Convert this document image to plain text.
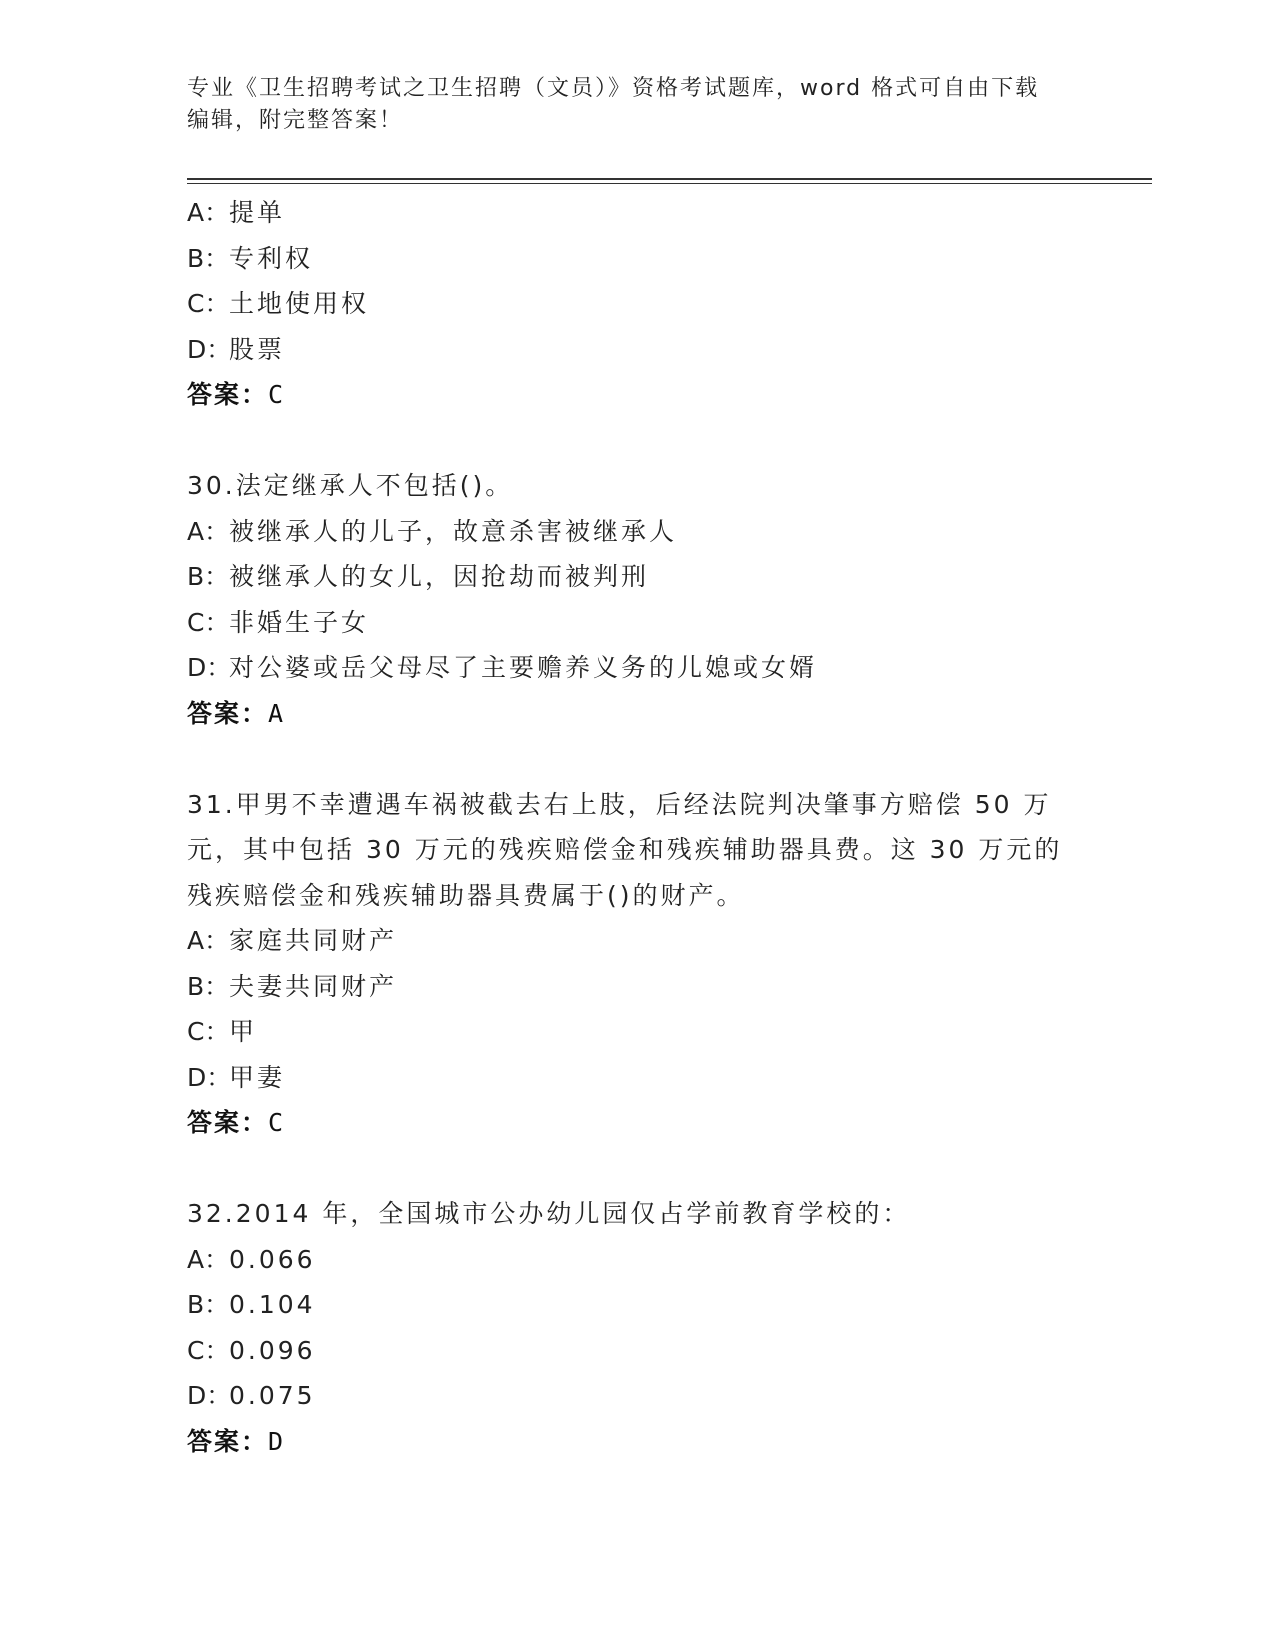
专业《卫生招聘考试之卫生招聘（文员）》资格考试题库，word 格式可自由下载
编辑，附完整答案！
A：提单
B：专利权
C：土地使用权
D：股票
答案：C
30.法定继承人不包括()。
A：被继承人的儿子，故意杀害被继承人
B：被继承人的女儿，因抢劫而被判刑
C：非婚生子女
D：对公婆或岳父母尽了主要赡养义务的儿媳或女婿
答案：A
31.甲男不幸遭遇车祸被截去右上肢，后经法院判决肇事方赔偿 50 万
元，其中包括 30 万元的残疾赔偿金和残疾辅助器具费。这 30 万元的
残疾赔偿金和残疾辅助器具费属于()的财产。
A：家庭共同财产
B：夫妻共同财产
C：甲
D：甲妻
答案：C
32.2014 年，全国城市公办幼儿园仅占学前教育学校的：
A：0.066
B：0.104
C：0.096
D：0.075
答案：D
